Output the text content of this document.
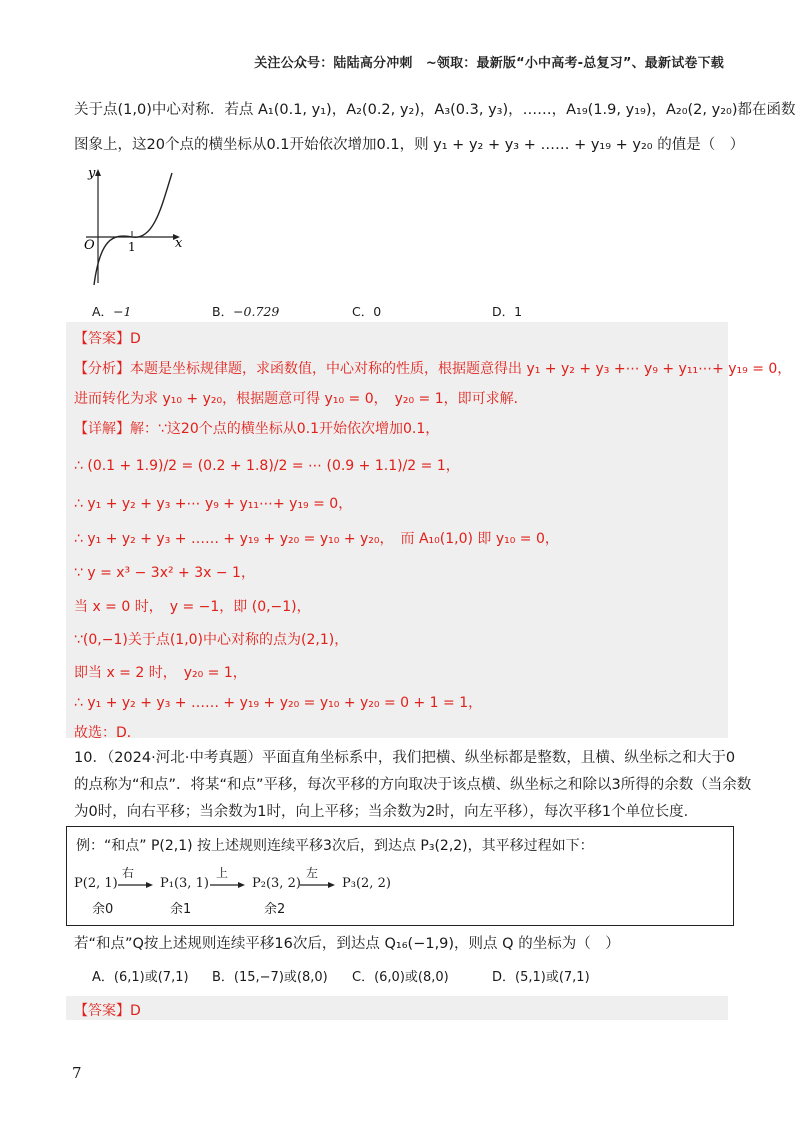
关注公众号：陆陆高分冲刺　~领取：最新版“小中高考-总复习”、最新试卷下载
关于点(1,0)中心对称．若点 A₁(0.1, y₁)，A₂(0.2, y₂)，A₃(0.3, y₃)，……，A₁₉(1.9, y₁₉)，A₂₀(2, y₂₀)都在函数
图象上，这20个点的横坐标从0.1开始依次增加0.1，则 y₁ + y₂ + y₃ + …… + y₁₉ + y₂₀ 的值是（　）
y
x
O	1
A．−1	B．−0.729	C．0	D．1
【答案】D
【分析】本题是坐标规律题，求函数值，中心对称的性质，根据题意得出 y₁ + y₂ + y₃ +⋯ y₉ + y₁₁⋯+ y₁₉ = 0，
进而转化为求 y₁₀ + y₂₀，根据题意可得 y₁₀ = 0，　y₂₀ = 1，即可求解．
【详解】解：∵这20个点的横坐标从0.1开始依次增加0.1，
∴ (0.1 + 1.9)/2 = (0.2 + 1.8)/2 = ⋯ (0.9 + 1.1)/2 = 1，
∴ y₁ + y₂ + y₃ +⋯ y₉ + y₁₁⋯+ y₁₉ = 0，
∴ y₁ + y₂ + y₃ + …… + y₁₉ + y₂₀ = y₁₀ + y₂₀，　而 A₁₀(1,0) 即 y₁₀ = 0，
∵ y = x³ − 3x² + 3x − 1，
当 x = 0 时，　y = −1，即 (0,−1)，
∵(0,−1)关于点(1,0)中心对称的点为(2,1)，
即当 x = 2 时，　y₂₀ = 1，
∴ y₁ + y₂ + y₃ + …… + y₁₉ + y₂₀ = y₁₀ + y₂₀ = 0 + 1 = 1，
故选：D．
10．（2024·河北·中考真题）平面直角坐标系中，我们把横、纵坐标都是整数，且横、纵坐标之和大于0
的点称为“和点”．将某“和点”平移，每次平移的方向取决于该点横、纵坐标之和除以3所得的余数（当余数
为0时，向右平移；当余数为1时，向上平移；当余数为2时，向左平移），每次平移1个单位长度．
例：“和点” P(2,1) 按上述规则连续平移3次后，到达点 P₃(2,2)，其平移过程如下：
P(2, 1)
余0
右
P₁(3, 1)
余1
上
P₂(3, 2)
余2
左
P₃(2, 2)
若“和点”Q按上述规则连续平移16次后，到达点 Q₁₆(−1,9)，则点 Q 的坐标为（　）
A．(6,1)或(7,1) B．(15,−7)或(8,0) C．(6,0)或(8,0)	D．(5,1)或(7,1)
【答案】D
7
